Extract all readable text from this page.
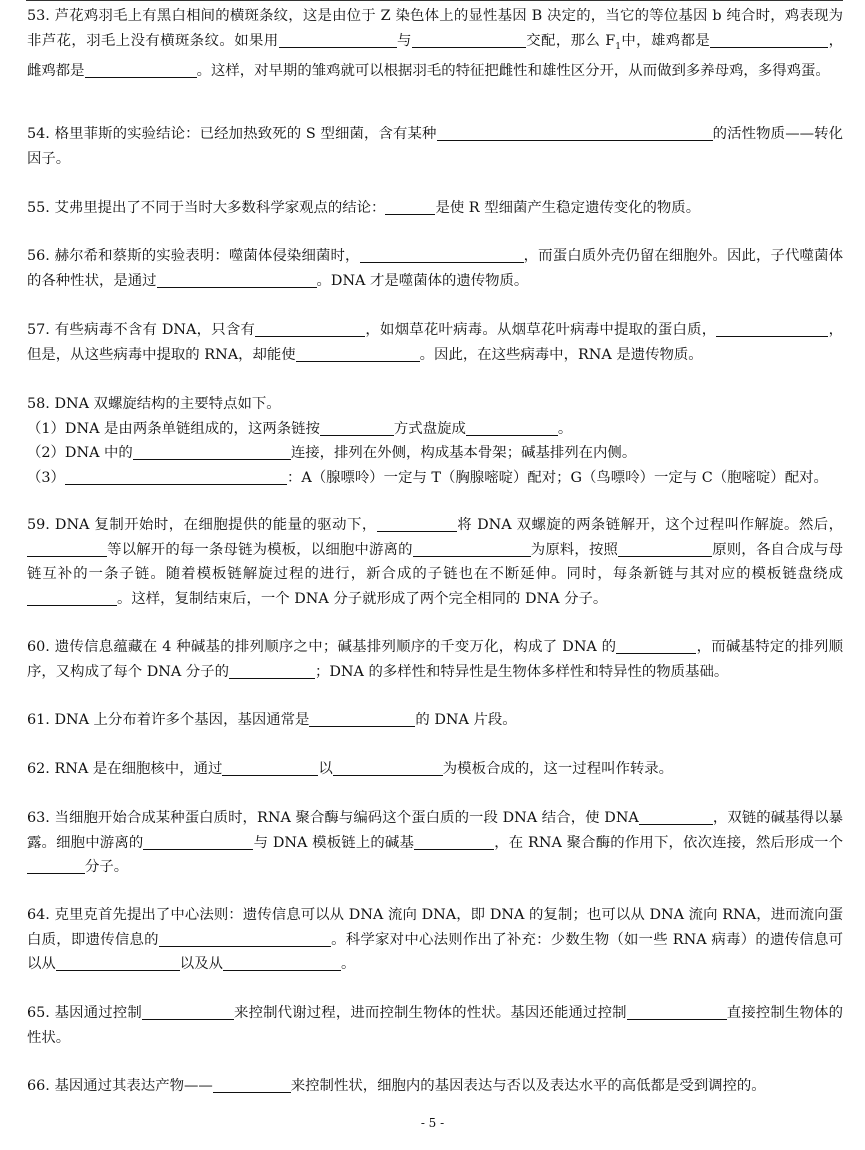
53. 芦花鸡羽毛上有黑白相间的横斑条纹，这是由位于 Z 染色体上的显性基因 B 决定的，当它的等位基因 b 纯合时，鸡表现为非芦花，羽毛上没有横斑条纹。如果用	与	交配，那么 $F_1$中，雄鸡都是	，雌鸡都是	。这样，对早期的雏鸡就可以根据羽毛的特征把雌性和雄性区分开，从而做到多养母鸡，多得鸡蛋。
54. 格里菲斯的实验结论：已经加热致死的 S 型细菌，含有某种	的活性物质——转化因子。
55. 艾弗里提出了不同于当时大多数科学家观点的结论：	是使 R 型细菌产生稳定遗传变化的物质。
56. 赫尔希和蔡斯的实验表明：噬菌体侵染细菌时，	，而蛋白质外壳仍留在细胞外。因此，子代噬菌体的各种性状，是通过	。DNA 才是噬菌体的遗传物质。
57. 有些病毒不含有 DNA，只含有	，如烟草花叶病毒。从烟草花叶病毒中提取的蛋白质，	，但是，从这些病毒中提取的 RNA，却能使	。因此，在这些病毒中，RNA 是遗传物质。
58. DNA 双螺旋结构的主要特点如下。
（1）DNA 是由两条单链组成的，这两条链按	方式盘旋成	。
（2）DNA 中的	连接，排列在外侧，构成基本骨架；碱基排列在内侧。
（3）	：A（腺嘌呤）一定与 T（胸腺嘧啶）配对；G（鸟嘌呤）一定与 C（胞嘧啶）配对。
59. DNA 复制开始时，在细胞提供的能量的驱动下，	将 DNA 双螺旋的两条链解开，这个过程叫作解旋。然后，等以解开的每一条母链为模板，以细胞中游离的	为原料，按照	原则，各自合成与母链互补的一条子链。随着模板链解旋过程的进行，新合成的子链也在不断延伸。同时，每条新链与其对应的模板链盘绕成。这样，复制结束后，一个 DNA 分子就形成了两个完全相同的 DNA 分子。
60. 遗传信息蕴藏在 4 种碱基的排列顺序之中；碱基排列顺序的千变万化，构成了 DNA 的	，而碱基特定的排列顺序，又构成了每个 DNA 分子的	；DNA 的多样性和特异性是生物体多样性和特异性的物质基础。
61. DNA 上分布着许多个基因，基因通常是	的 DNA 片段。
62. RNA 是在细胞核中，通过	以	为模板合成的，这一过程叫作转录。
63. 当细胞开始合成某种蛋白质时，RNA 聚合酶与编码这个蛋白质的一段 DNA 结合，使 DNA	，双链的碱基得以暴露。细胞中游离的	与 DNA 模板链上的碱基	，在 RNA 聚合酶的作用下，依次连接，然后形成一个分子。
64. 克里克首先提出了中心法则：遗传信息可以从 DNA 流向 DNA，即 DNA 的复制；也可以从 DNA 流向 RNA，进而流向蛋白质，即遗传信息的	。科学家对中心法则作出了补充：少数生物（如一些 RNA 病毒）的遗传信息可以从	以及从	。
65. 基因通过控制	来控制代谢过程，进而控制生物体的性状。基因还能通过控制	直接控制生物体的性状。
66. 基因通过其表达产物——	来控制性状，细胞内的基因表达与否以及表达水平的高低都是受到调控的。
- 5 -
